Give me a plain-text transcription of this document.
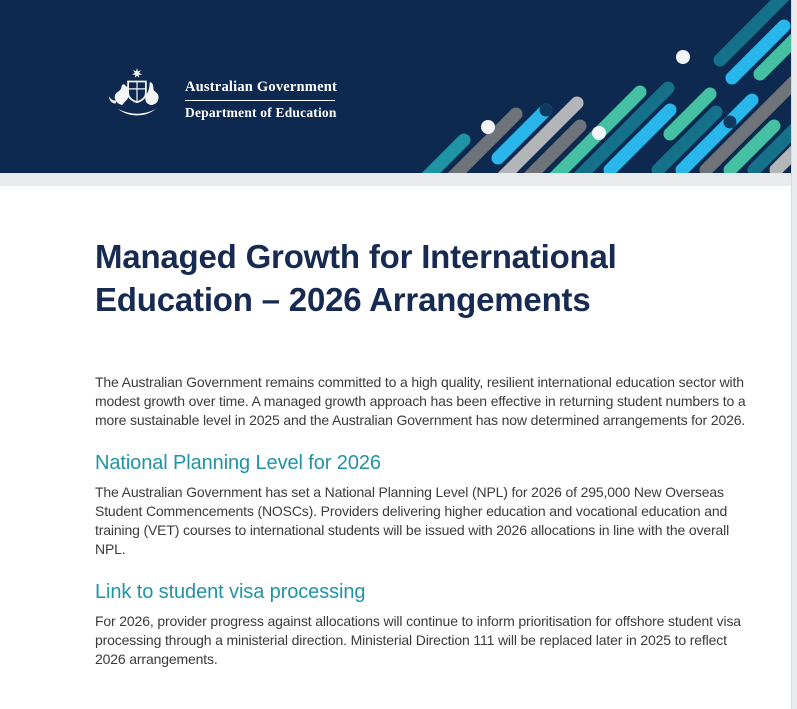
Australian Government
Department of Education
Managed Growth for International Education – 2026 Arrangements

The Australian Government remains committed to a high quality, resilient international education sector with modest growth over time. A managed growth approach has been effective in returning student numbers to a more sustainable level in 2025 and the Australian Government has now determined arrangements for 2026.

National Planning Level for 2026

The Australian Government has set a National Planning Level (NPL) for 2026 of 295,000 New Overseas Student Commencements (NOSCs). Providers delivering higher education and vocational education and training (VET) courses to international students will be issued with 2026 allocations in line with the overall NPL.

Link to student visa processing

For 2026, provider progress against allocations will continue to inform prioritisation for offshore student visa processing through a ministerial direction. Ministerial Direction 111 will be replaced later in 2025 to reflect 2026 arrangements.
